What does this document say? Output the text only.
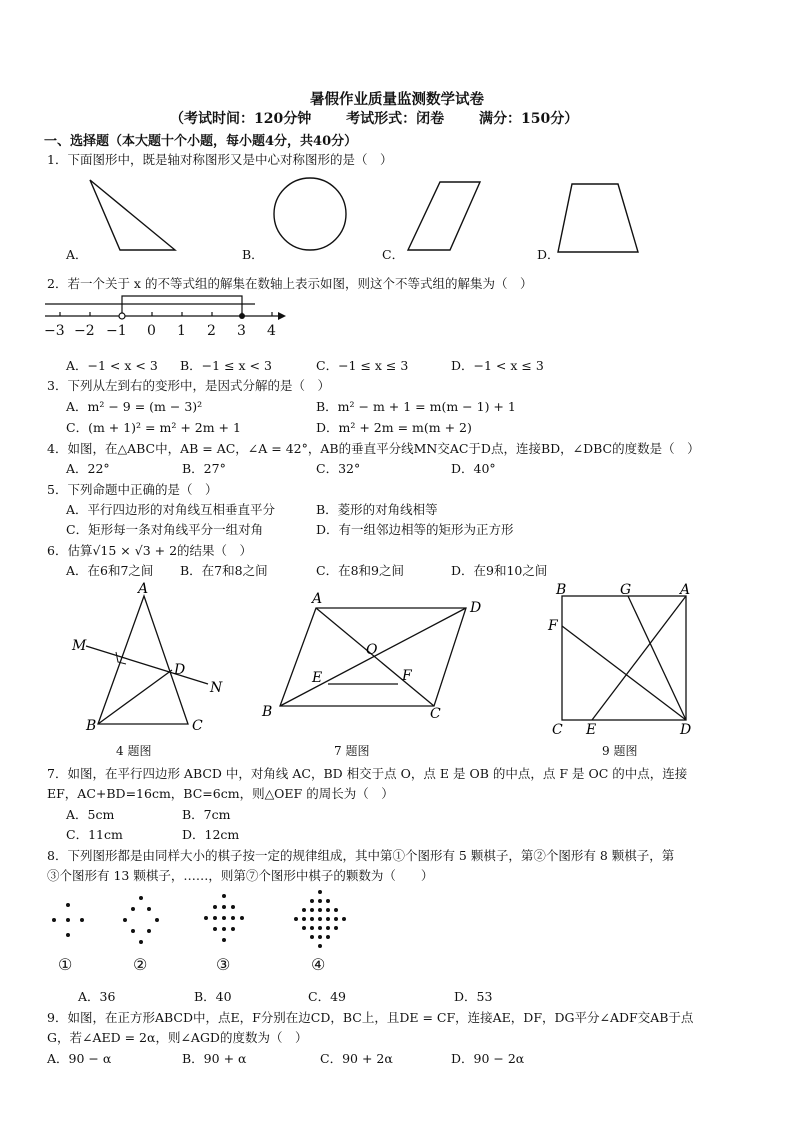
暑假作业质量监测数学试卷
（考试时间：120分钟 考试形式：闭卷 满分：150分）
一、选择题（本大题十个小题，每小题4分，共40分）
1．下面图形中，既是轴对称图形又是中心对称图形的是（　）
A．	B．	C．	D．
2．若一个关于 x 的不等式组的解集在数轴上表示如图，则这个不等式组的解集为（　）
−3 −2 −1 0 1 2 3 4
A．−1 < x < 3 B．−1 ≤ x < 3	C．−1 ≤ x ≤ 3	D．−1 < x ≤ 3
3．下列从左到右的变形中，是因式分解的是（　）
A．m² − 9 = (m − 3)²	B．m² − m + 1 = m(m − 1) + 1
C．(m + 1)² = m² + 2m + 1	D．m² + 2m = m(m + 2)
4．如图，在△ABC中，AB = AC，∠A = 42°，AB的垂直平分线MN交AC于D点，连接BD，∠DBC的度数是（　）
A．22°	B．27°	C．32°	D．40°
5．下列命题中正确的是（　）
A．平行四边形的对角线互相垂直平分	B．菱形的对角线相等
C．矩形每一条对角线平分一组对角	D．有一组邻边相等的矩形为正方形
6．估算√15 × √3 + 2的结果（　）
A．在6和7之间 B．在7和8之间	C．在8和9之间	D．在9和10之间
A
M
D
N
B	C
4 题图
A
D
O
E	F
B	C
7 题图
B	G	A
F
C E	D
9 题图
7．如图，在平行四边形 ABCD 中，对角线 AC，BD 相交于点 O，点 E 是 OB 的中点，点 F 是 OC 的中点，连接
EF，AC+BD=16cm，BC=6cm，则△OEF 的周长为（　）
A．5cm	B．7cm
C．11cm	D．12cm
8．下列图形都是由同样大小的棋子按一定的规律组成，其中第①个图形有 5 颗棋子，第②个图形有 8 颗棋子，第
③个图形有 13 颗棋子，……，则第⑦个图形中棋子的颗数为（　　）
①	②	③	④
A．36	B．40	C．49	D．53
9．如图，在正方形ABCD中，点E，F分别在边CD，BC上，且DE = CF，连接AE，DF，DG平分∠ADF交AB于点
G，若∠AED = 2α，则∠AGD的度数为（　）
A．90 − α	B．90 + α	C．90 + 2α	D．90 − 2α
